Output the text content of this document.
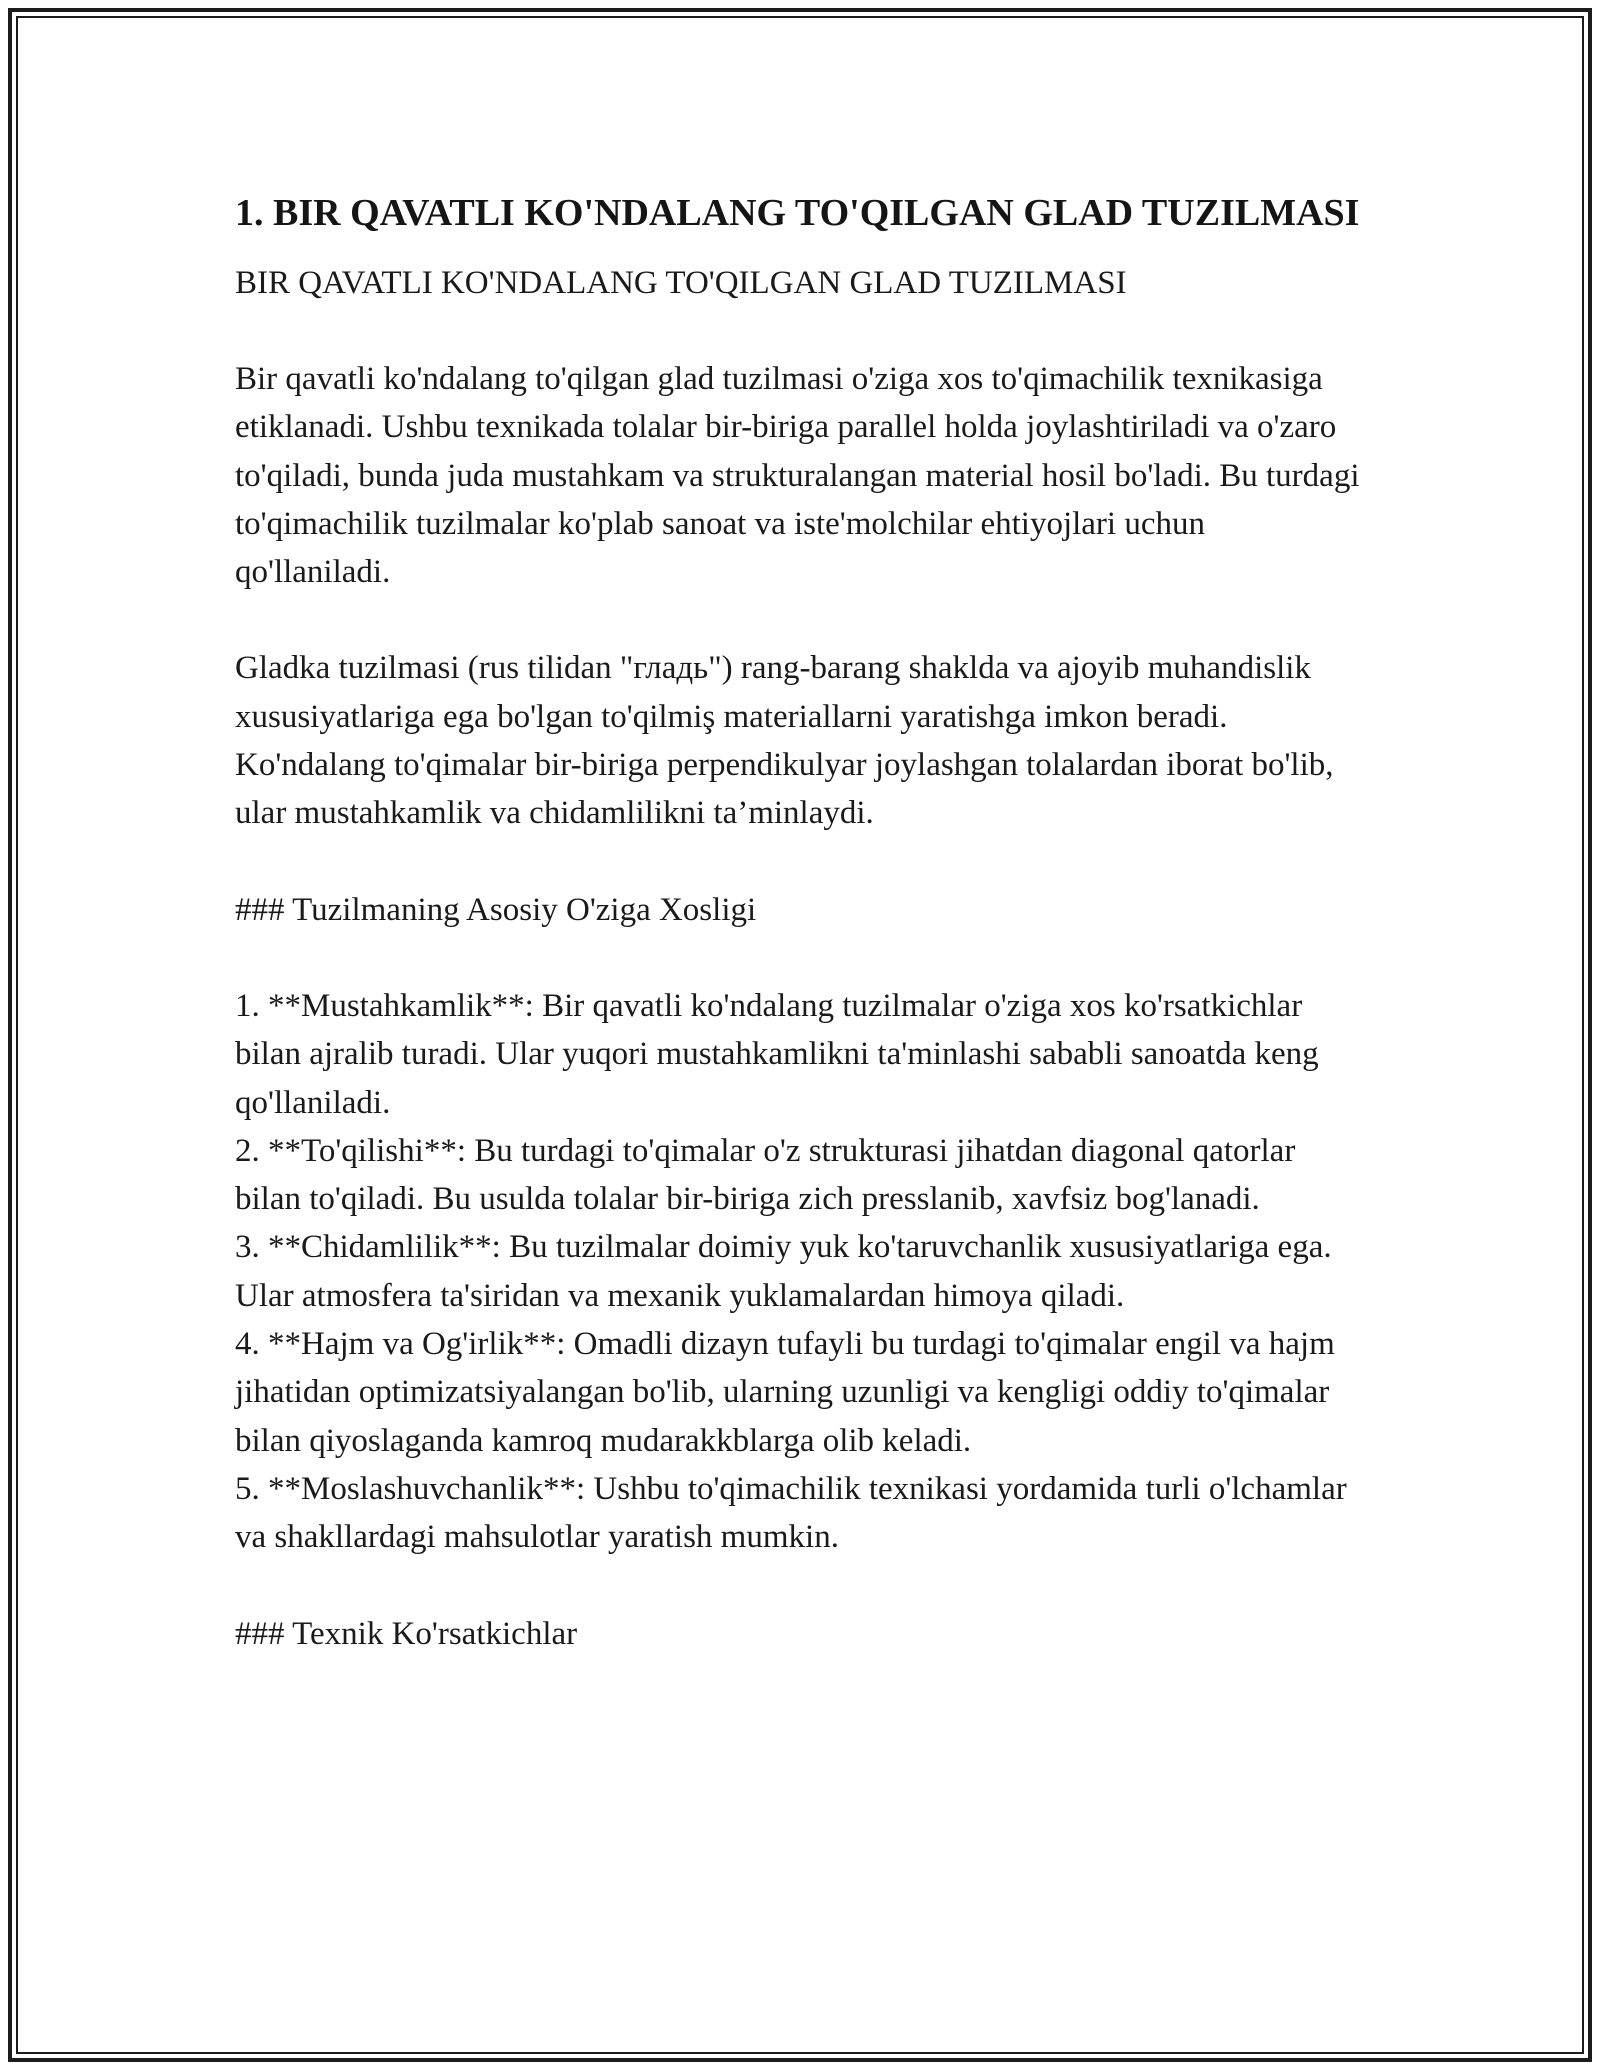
1. BIR QAVATLI KO'NDALANG TO'QILGAN GLAD TUZILMASI

BIR QAVATLI KO'NDALANG TO'QILGAN GLAD TUZILMASI

Bir qavatli ko'ndalang to'qilgan glad tuzilmasi o'ziga xos to'qimachilik texnikasiga etiklanadi. Ushbu texnikada tolalar bir-biriga parallel holda joylashtiriladi va o'zaro to'qiladi, bunda juda mustahkam va strukturalangan material hosil bo'ladi. Bu turdagi to'qimachilik tuzilmalar ko'plab sanoat va iste'molchilar ehtiyojlari uchun qo'llaniladi.

Gladka tuzilmasi (rus tilidan "гладь") rang-barang shakldа va ajoyib muhandislik xususiyatlariga ega bo'lgan to'qilmiş materiallarni yaratishga imkon beradi. Ko'ndalang to'qimalar bir-biriga perpendikulyar joylashgan tolalardan iborat bo'lib, ular mustahkamlik va chidamlilikni ta’minlaydi.

### Tuzilmaning Asosiy O'ziga Xosligi

1. **Mustahkamlik**: Bir qavatli ko'ndalang tuzilmalar o'ziga xos ko'rsatkichlar bilan ajralib turadi. Ular yuqori mustahkamlikni ta'minlashi sababli sanoatda keng qo'llaniladi.
2. **To'qilishi**: Bu turdagi to'qimalar o'z strukturasi jihatdan diagonal qatorlar bilan to'qiladi. Bu usulda tolalar bir-biriga zich presslanib, xavfsiz bog'lanadi.
3. **Chidamlilik**: Bu tuzilmalar doimiy yuk ko'taruvchanlik xususiyatlariga ega. Ular atmosfera ta'siridan va mexanik yuklamalardan himoya qiladi.
4. **Hajm va Og'irlik**: Omadli dizayn tufayli bu turdagi to'qimalar engil va hajm jihatidan optimizatsiyalangan bo'lib, ularning uzunligi va kengligi oddiy to'qimalar bilan qiyoslaganda kamroq mudarakkblarga olib keladi.
5. **Moslashuvchanlik**: Ushbu to'qimachilik texnikasi yordamida turli o'lchamlar va shakllardagi mahsulotlar yaratish mumkin.

### Texnik Ko'rsatkichlar
